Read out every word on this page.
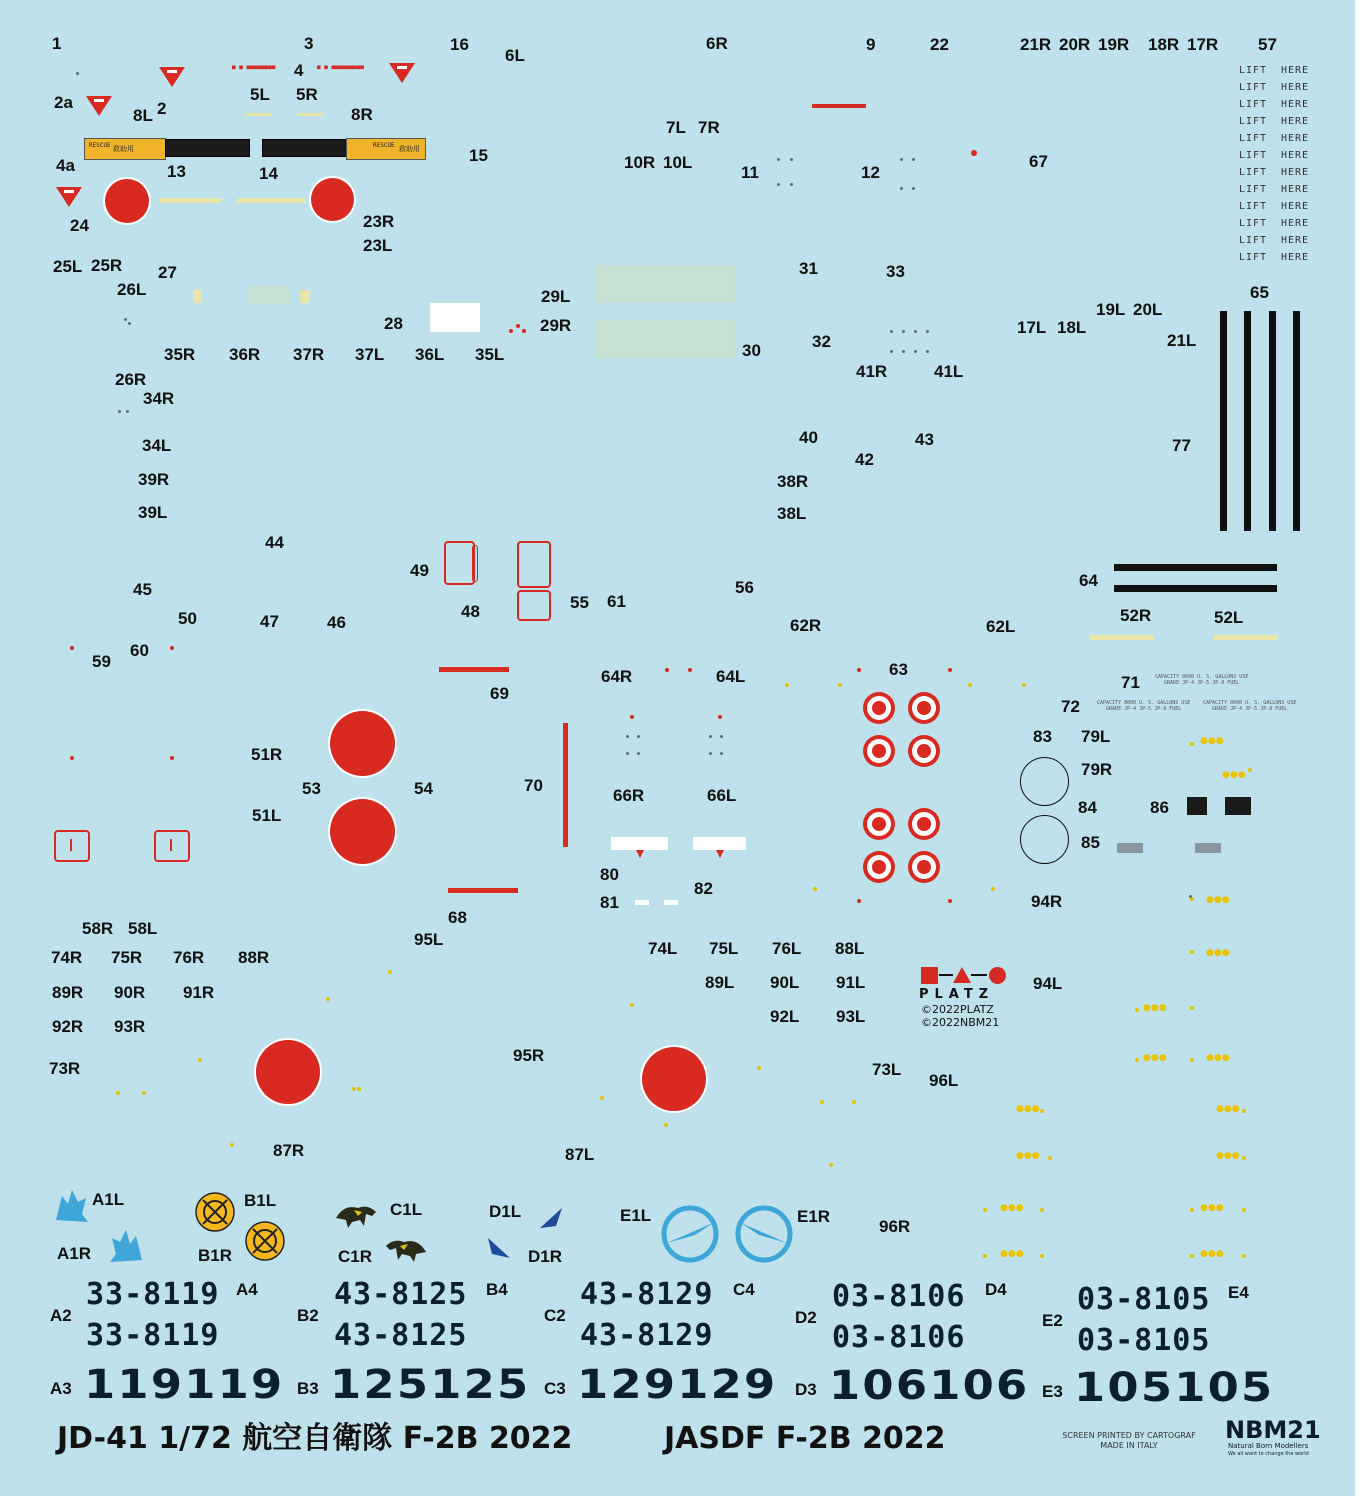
1	3	16
6L
6R	9	22	21R 20R 19R 18R 17R 57
2a	2
4
5L 5R
8L	8R
7L 7R
15
13	14
4a	10R 10L
11	12
67
24	23R
23L
25L 25R 27
26L
31	33
29L
29R
28
65
19L 20L
17L 18L
21L
32
30
35R 36R 37R 37L 36L 35L
41R	41L
26R
34R
34L	40	43
42
77
39R	38R
39L	38L
44
49
48	55 61
56	64
45
50	47	46	52R	52L
62R	62L
59
60
63
64R	64L
69
71
72
51R
53	54	70
51L
66R	66L
83 79L
79R
84	86
85
80
82
81	94R
68
58R 58L
95L
74R 75R 76R 88R	74L 75L 76L 88L
89R 90R 91R
89L 90L 91L	94L
92R 93R
92L 93L
73R
95R
73L
96L
87R	87L
A1L	B1L	C1L	D1L	E1L	E1R
96R
A1R	B1R	C1R	D1R
A2
A3
A4
B2
B3
B4
C2
C3
C4
D2
D3
D4
E2
E3
E4
■ ■ ■■■■■■■■	■ ■ ■■■■■■■■■
RESCUE 救助用	RESCUE 救助用
LIFT HERE
LIFT HERE
LIFT HERE
LIFT HERE
LIFT HERE
LIFT HERE
LIFT HERE
LIFT HERE
LIFT HERE
LIFT HERE
LIFT HERE
LIFT HERE
CAPACITY 8000 U. S. GALLONS USE
GRADE JP-4 JP-5 JP-8 FUEL
CAPACITY 8000 U. S. GALLONS USE
GRADE JP-4 JP-5 JP-8 FUEL
CAPACITY 8000 U. S. GALLONS USE
GRADE JP-4 JP-5 JP-8 FUEL
●●●
●●●
●●●
●●●
●●●
●●●	●●●
●●●	●●●
●●●	●●●
●●●	●●●
●●●	●●●
33-8119
33-8119
119119
43-8125
43-8125
125125
43-8129
43-8129
129129
03-8106
03-8106
106106
03-8105
03-8105
105105
PLATZ
©2022PLATZ
©2022NBM21
JD-41 1/72 航空自衛隊 F-2B 2022	JASDF F-2B 2022	SCREEN PRINTED BY CARTOGRAF
MADE IN ITALY
NBM21
Natural Born Modellers
We all want to change the world
